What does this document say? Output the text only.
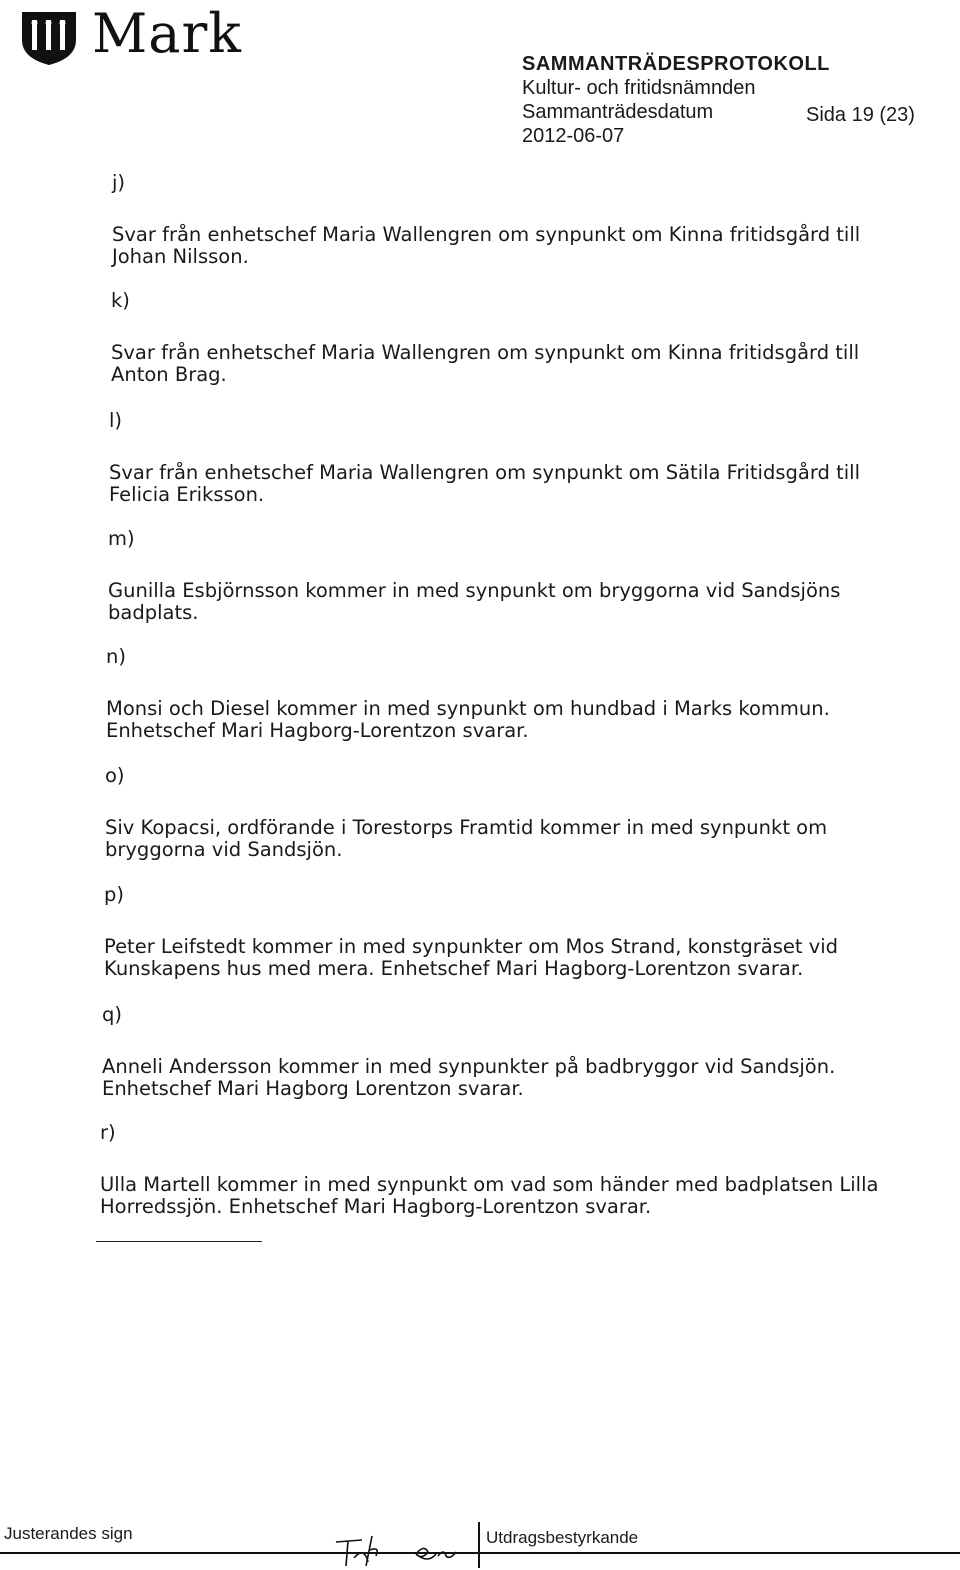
Mark	SAMMANTRÄDESPROTOKOLL
Kultur- och fritidsnämnden
Sammanträdesdatum
2012-06-07
Sida 19 (23)
j)
Svar från enhetschef Maria Wallengren om synpunkt om Kinna fritidsgård till Johan Nilsson.
k)
Svar från enhetschef Maria Wallengren om synpunkt om Kinna fritidsgård till Anton Brag.
l)
Svar från enhetschef Maria Wallengren om synpunkt om Sätila Fritidsgård till Felicia Eriksson.
m)
Gunilla Esbjörnsson kommer in med synpunkt om bryggorna vid Sandsjöns badplats.
n)
Monsi och Diesel kommer in med synpunkt om hundbad i Marks kommun. Enhetschef Mari Hagborg-Lorentzon svarar.
o)
Siv Kopacsi, ordförande i Torestorps Framtid kommer in med synpunkt om bryggorna vid Sandsjön.
p)
Peter Leifstedt kommer in med synpunkter om Mos Strand, konstgräset vid Kunskapens hus med mera. Enhetschef Mari Hagborg-Lorentzon svarar.
q)
Anneli Andersson kommer in med synpunkter på badbryggor vid Sandsjön. Enhetschef Mari Hagborg Lorentzon svarar.
r)
Ulla Martell kommer in med synpunkt om vad som händer med badplatsen Lilla Horredssjön. Enhetschef Mari Hagborg-Lorentzon svarar.
Justerandes sign	Utdragsbestyrkande
